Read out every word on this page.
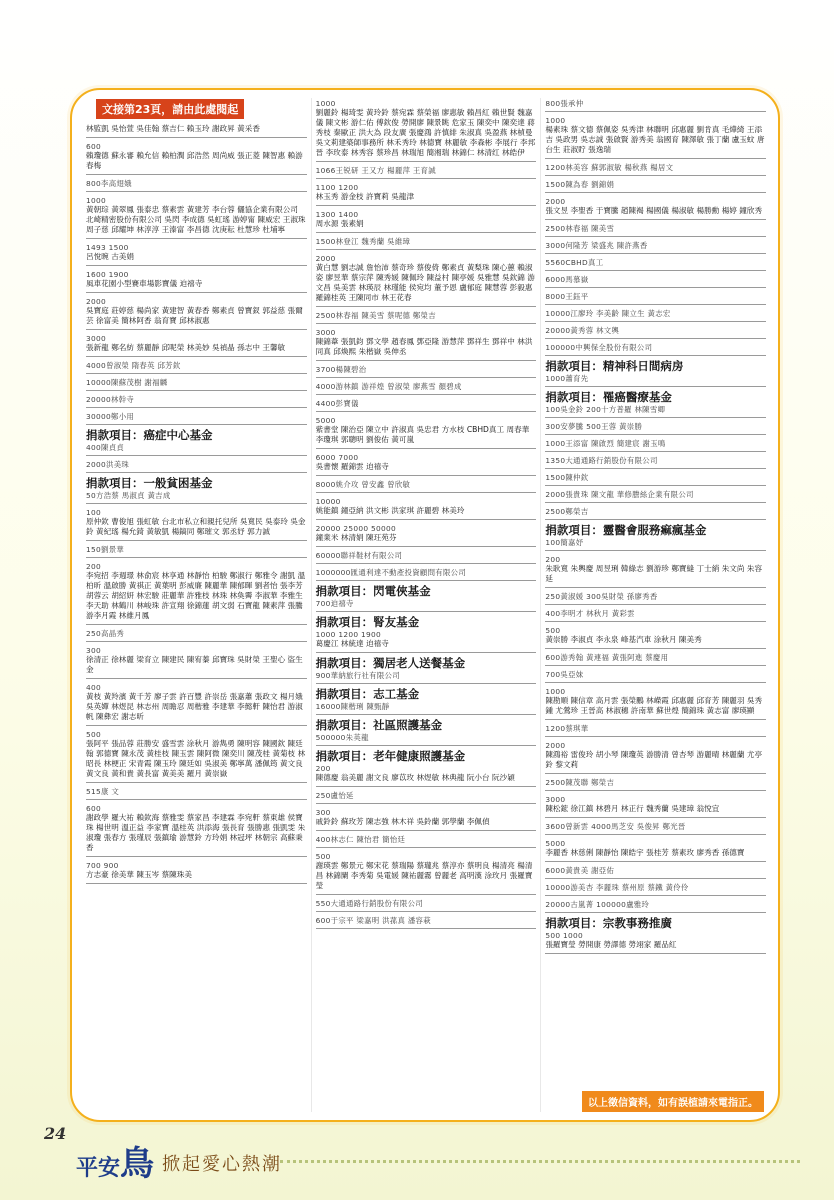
文接第23頁，請由此處閱起
林監凱 吳怡萱 吳佳翰 蔡吉仁 賴玉玲 謝政昇 黃采香
600
賴瓊德 蘇永審 賴允信 賴柏潤 邱浩然 周尚威 張正菱 陳智惠 賴游春梅
800李高翅娥
1000
黃朝琮 黃翠鳳 張泰忠 蔡素雲 黃建芳 李台蓉 儷協企業有限公司 北崎精密股份有限公司 吳閃 李成德 吳虹瑤 游婷甯 陳威宏 王淑珠 周子慈 邱耀坤 林淳淳 王溱富 李昌德 沈庚耘 杜慧珍 杜埔寧
1493 1500
呂悅晼 古美娟
1600 1900
風車花園小型賽車場影寶儀 迫禧寺
2000
吳寶庭 莊婷慈 楊尚家 黃建智 黃春香 鄭素貞 曾寶釵 郭益慈 張爾芸 徐富美 簡林阿香 翁育寶 邱林淑惠
3000
張新龍 鄭名紡 蔡麗靜 邱呢榮 林美妙 吳禎晶 孫志中 王馨敏
4000曾淑榮 隋春英 邱芳欽
10000陳蘇茂樹 謝福麟
20000林幹寺
30000鄭小用
捐款項目：癌症中心基金
400陳貞貞
2000洪美珠
捐款項目：一般貧困基金
50方浩蔡 馬淑貞 黃吉成
100
原仲欽 曹俊旭 張虹敏 台北市私立和親托兒所 吳寬民 吳泰玲 吳金鈴 黃紀瑤 楊允錡 黃敏凱 楊鎬同 鄭璀文 郭丞妤 郭力誠
150劉景華
200
李宛招 李週璟 林俞宸 林享通 林靜怡 柏駿 鄭淑行 鄭雅令 謝凱 溫柏昕 溫啟勝 黃祺正 黃葉明 彭威廉 陳麗華 陳郁暉 劉者怡 張李芳 胡蓉云 胡紹妍 林宏駿 莊麗華 許雅枝 林珠 林奐霽 李淑華 李雅生 李天助 林鶴川 林峻珠 許宣翔 徐錦蓮 胡文弱 石寶龍 陳素萍 張騰 游李月霞 林維月鳳
250高晶秀
300
徐清正 徐林麗 梁育立 陳建民 陳宥蓁 邱寶珠 吳財榮 王聖心 盜生金
400
黃枝 黃羚濱 黃千芳 廖子雲 許百豐 許崇岳 張嘉蕭 張政文 楊月娥 吳英嬋 林煜昆 林志州 周瞻忍 周楷雅 李建華 李懿軒 陳怡君 游淑帆 陳彝宏 謝志昕
500
張阿平 張品蓉 莊勝安 盛雪雲 涂秋月 游雋勇 陳明容 陳國欽 陳廷翰 郭德寶 陳永茂 黃桂枝 陳玉雲 陳阿微 陳奕川 陳茂桂 黃菊枝 林昭長 林梗正 宋青霞 陳玉玲 陳廷如 吳淑美 鄭寧萬 潘佩筠 黃文良 黃文良 黃和貴 黃長富 黃美美 羅月 黃崇嶽
515康 文
600
謝政學 羅大祐 賴欽海 蔡雅雯 蔡家昌 李建霖 李宛軒 蔡東雄 侯寶珠 楊世明 溫正益 李家寶 溫桂英 洪添海 張長育 張勝惠 張凱雯 朱淑瓊 張春方 張瑾辰 張鎮瑜 游慧鈴 方玲娟 林冠坪 林朝宗 高蘇秉香
700 900
方志豪 徐美華 陳玉岑 蔡陳珠美
1000
劉麗鈴 楊琦雯 黃玲鈴 蔡宛霖 蔡榮福 廖惠敏 賴昌紅 賴世賢 魏嘉儀 陳文彬 游仁佑 傅欽俊 勞開廖 陳景眺 危家玉 陳奕中 陳奕達 蔣秀枝 秦歐正 洪大為 段友廣 張慶鴻 許慎緋 朱淑真 吳盈燕 林楨曼 吳文莉建築師事務所 林禾秀玲 林德寶 林麗敏 李森彬 李展行 李邦晉 李玫泰 林秀容 蔡珍昌 林瑞旭 簡湘瑞 林錦仁 林清红 林皓伊
1066王锐研 王又方 楊麗萍 王育誠
1100 1200
林玉秀 游金枝 許寶莉 吳龍津
1300 1400
周水源 張素娟
1500林登江 魏秀蘭 吳維璋
2000
黃白慧 劉志誠 詹怡沛 蔡奇珍 蔡俊倚 鄭素貞 黃梨珠 陳心蕙 賴淑姿 廖昱華 蔡宗萍 陳秀媛 陳佩玲 陳益村 陳亭媛 吳雅慧 吳欽錦 游文昌 吳美雲 林瑛辰 林瑾能 侯宛均 董予恩 盧郁庭 陳慧蓉 彭毅惠 羅錦桂英 王陳同市 林王花春
2500林春福 陳美雪 蔡呢德 鄭榮吉
3000
陳錦葦 張凱鈞 鄧文學 趙春鳳 鄧亞隆 游慧萍 鄧祥生 鄧祥中 林洪同真 邱煥熙 朱楷嶽 吳伸丞
3700楊陳碧治
4000游林鎮 游祥煌 曾淑榮 廖燕雪 顏碧成
4400彭寶儀
5000
紫書堂 陳治亞 陳立中 許淑真 吳忠君 方水枝 CBHD真工 周春華 李瓊琪 郭聰明 劉俊佑 黃可嵐
6000 7000
吳書懷 羅錦雲 迫禧寺
8000姚介攻 曾安鑫 曾欣敏
10000
姚能鎮 鐘亞納 洪文彬 洪家琪 許麗碧 林美玲
20000 25000 50000
鐘業米 林清娟 陳玨苑芬
60000聯祥鞋材有限公司
1000000匯通利達不動產投資顧問有限公司
捐款項目：閃電俠基金
700迫禧寺
捐款項目：腎友基金
1000 1200 1900
葛慶江 林統達 迫禧寺
捐款項目：獨居老人送餐基金
900華納旅行社有限公司
捐款項目：志工基金
16000陳楷琍 陳甄靜
捐款項目：社區照護基金
500000朱英龍
捐款項目：老年健康照護基金
200
陳德慶 翁美麗 謝文良 廖苡玫 林煜敏 林典龍 阮小台 阮沙穎
250盧怡延
300
戚鈴鈴 蘇玫芳 陳志強 林木祥 吳鈴蘭 郭學蘭 李佩偵
400林志仁 陳怡君 簡怡廷
500
謝瑛雲 鄭景元 鄭宋花 蔡瑞陽 蔡瓏兆 蔡淳亦 蔡明良 楊清亮 楊清昌 林錦闌 李秀菊 吳電媛 陳祐麗霧 曾麗老 高明漢 涂玫月 張羅寶瑩
550大通通路行銷股份有限公司
600于宗平 梁嘉明 洪蓀真 潘容萩
800張承仲
1000
楊素珠 蔡文德 蔡佩姿 吳秀津 林聯明 邱惠麗 劉肯真 毛燁綺 王添吉 吳政男 吳志誠 張啟賢 游秀美 翁國育 陳澤敏 張丁蘭 盧玉蚊 唐台生 莊淑貯 張逸瑞
1200林美容 蘇郭淑敏 楊秋燕 楊居文
1500陳為春 劉錦娟
2000
張文昱 李聖香 于寶騰 趙陳褐 楊國儀 楊淑敏 楊勝勳 楊婷 鐘欣秀
2500林春福 陳美雪
3000何隆芳 梁盛兆 陳許燕香
5560CBHD真工
6000馬慕嶽
8000王鈺平
10000江廖玲 李美齡 陳立生 黃志宏
20000黃秀蓉 林文輿
100000中興保全股份有限公司
捐款項目：精神科日間病房
1000蕭育先
捐款項目：罹癌醫療基金
100吳金鈴 200十方普羅 林陳雪卿
300安夢騰 500王蓉 黃崇勝
1000王添富 陳啟烈 簡建宸 謝玉鳴
1350大通通路行銷股份有限公司
1500陳仲欽
2000張貴珠 陳文龍 華修謄絲企業有限公司
2500鄭榮吉
捐款項目：靈醫會服務痲瘋基金
100簡嘉妤
200
朱耿寬 朱輿慶 周昱琍 韓綠志 劉游珍 鄭寶縫 丁士綃 朱文尚 朱容延
250黃淑媛 300吳財榮 孫廖秀香
400李明才 林秋月 黃彩雲
500
黃崇勝 李淑貞 李永泉 峰基汽車 涂秋月 陳美秀
600游秀翰 黃連福 黃張阿進 蔡慶用
700吳亞妹
1000
陳勘順 陳信章 高月雲 張榮鵬 林嶸霞 邱惠麗 邱育芳 陳麗羽 吳秀鍾 尤鶯珍 王晉高 林淑穗 許南華 蘇世煌 簡錦珠 黃志富 廖瑛顯
1200蔡琪華
2000
陳鴻裕 雷俊玲 胡小琴 陳瓊英 游勝清 曾杏琴 游麗晴 林麗蘭 尤亭鈴 黎文莉
2500陳茂聯 鄭榮吉
3000
陳松鋐 徐江鎮 林碧月 林正行 魏秀蘭 吳建璋 翁悅宜
3600曾新雲 4000馬芝安 吳俊昇 鄭光晉
5000
李麗香 林慈俐 陳靜怡 陳皓宇 張桂芳 蔡素玫 廖秀香 孫德寶
6000黃貴美 謝亞佑
10000游美杏 李麗珠 蔡州原 蔡鐵 黃伶伶
20000古嵐菁 100000盧雅玲
捐款項目：宗教事務推廣
500 1000
張羅寶瑩 勞開康 勞譯德 勞翊家 羅品紅
以上徵信資料，如有誤植請來電指正。
24
平安鳥 掀起愛心熱潮
